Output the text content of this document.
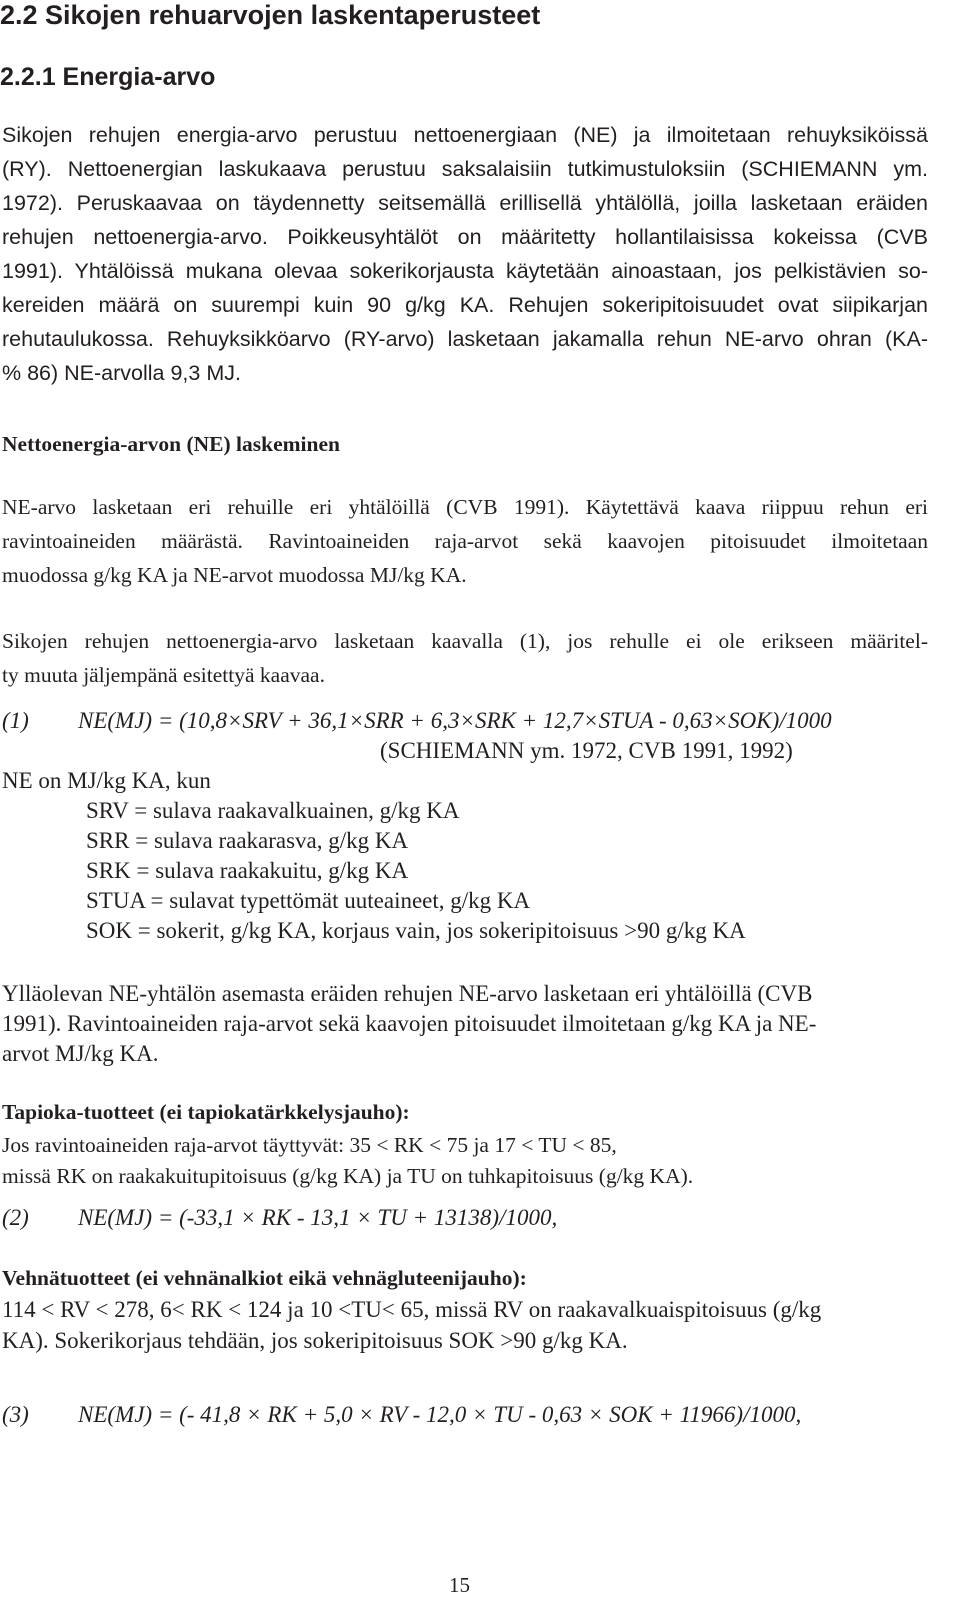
2.2 Sikojen rehuarvojen laskentaperusteet
2.2.1 Energia-arvo
Sikojen rehujen energia-arvo perustuu nettoenergiaan (NE) ja ilmoitetaan rehuyksiköissä
(RY). Nettoenergian laskukaava perustuu saksalaisiin tutkimustuloksiin (SCHIEMANN ym.
1972). Peruskaavaa on täydennetty seitsemällä erillisellä yhtälöllä, joilla lasketaan eräiden
rehujen nettoenergia-arvo. Poikkeusyhtälöt on määritetty hollantilaisissa kokeissa (CVB
1991). Yhtälöissä mukana olevaa sokerikorjausta käytetään ainoastaan, jos pelkistävien so-
kereiden määrä on suurempi kuin 90 g/kg KA. Rehujen sokeripitoisuudet ovat siipikarjan
rehutaulukossa. Rehuyksikköarvo (RY-arvo) lasketaan jakamalla rehun NE-arvo ohran (KA-
% 86) NE-arvolla 9,3 MJ.
Nettoenergia-arvon (NE) laskeminen
NE-arvo lasketaan eri rehuille eri yhtälöillä (CVB 1991). Käytettävä kaava riippuu rehun eri
ravintoaineiden määrästä. Ravintoaineiden raja-arvot sekä kaavojen pitoisuudet ilmoitetaan
muodossa g/kg KA ja NE-arvot muodossa MJ/kg KA.
Sikojen rehujen nettoenergia-arvo lasketaan kaavalla (1), jos rehulle ei ole erikseen määritel-
ty muuta jäljempänä esitettyä kaavaa.
(1) NE(MJ) = (10,8×SRV + 36,1×SRR + 6,3×SRK + 12,7×STUA - 0,63×SOK)/1000
(SCHIEMANN ym. 1972, CVB 1991, 1992)
NE on MJ/kg KA, kun
SRV = sulava raakavalkuainen, g/kg KA
SRR = sulava raakarasva, g/kg KA
SRK = sulava raakakuitu, g/kg KA
STUA = sulavat typettömät uuteaineet, g/kg KA
SOK = sokerit, g/kg KA, korjaus vain, jos sokeripitoisuus >90 g/kg KA
Ylläolevan NE-yhtälön asemasta eräiden rehujen NE-arvo lasketaan eri yhtälöillä (CVB
1991). Ravintoaineiden raja-arvot sekä kaavojen pitoisuudet ilmoitetaan g/kg KA ja NE-
arvot MJ/kg KA.
Tapioka-tuotteet (ei tapiokatärkkelysjauho):
Jos ravintoaineiden raja-arvot täyttyvät: 35 < RK < 75 ja 17 < TU < 85,
missä RK on raakakuitupitoisuus (g/kg KA) ja TU on tuhkapitoisuus (g/kg KA).
(2) NE(MJ) = (-33,1 × RK - 13,1 × TU + 13138)/1000,
Vehnätuotteet (ei vehnänalkiot eikä vehnägluteenijauho):
114 < RV < 278, 6< RK < 124 ja 10 <TU< 65, missä RV on raakavalkuaispitoisuus (g/kg
KA). Sokerikorjaus tehdään, jos sokeripitoisuus SOK >90 g/kg KA.
(3) NE(MJ) = (- 41,8 × RK + 5,0 × RV - 12,0 × TU - 0,63 × SOK + 11966)/1000,
15
